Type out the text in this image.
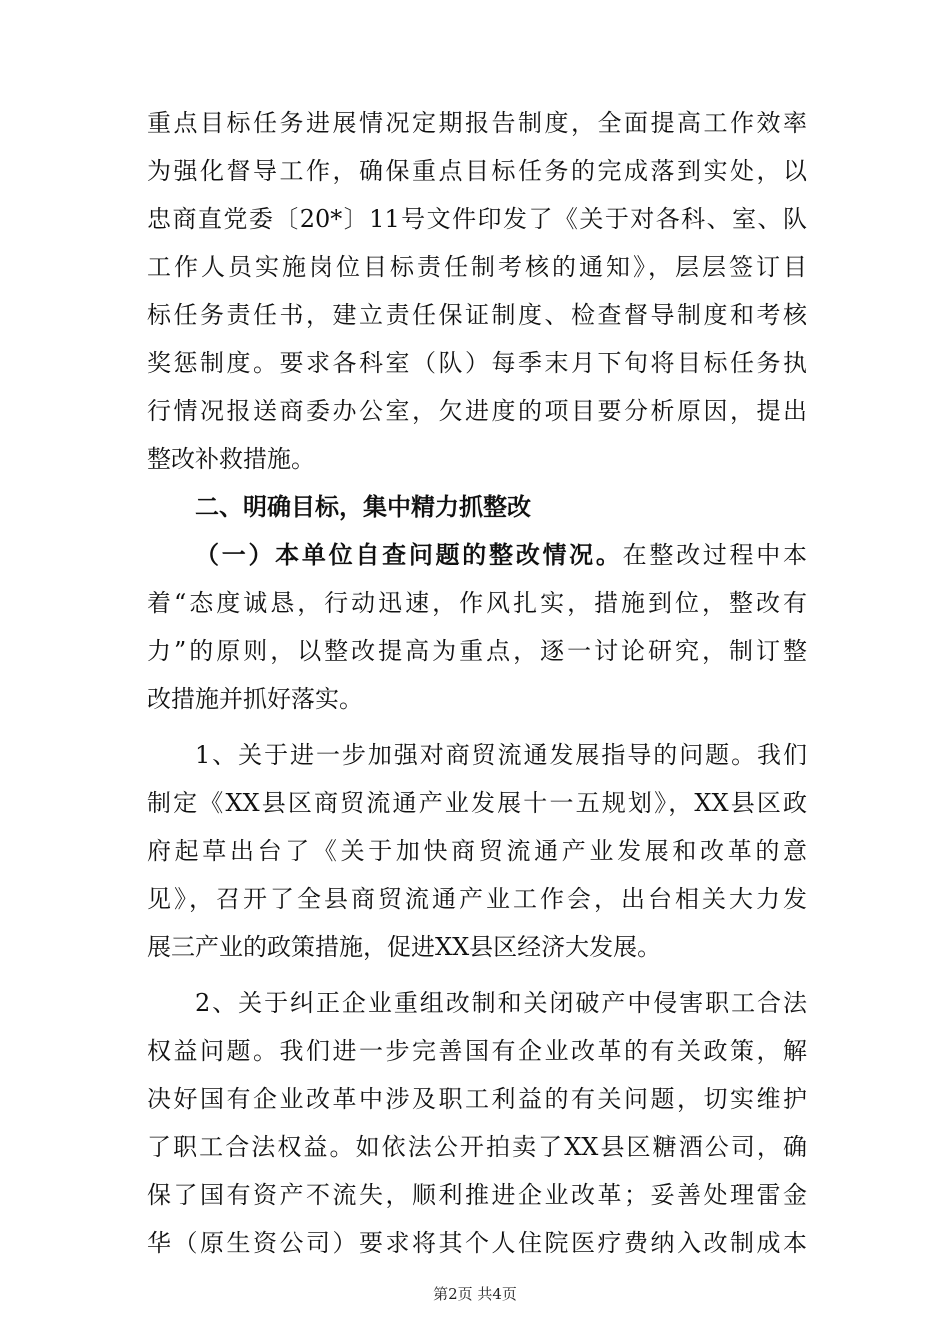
重点目标任务进展情况定期报告制度，全面提高工作效率
为强化督导工作，确保重点目标任务的完成落到实处，以
忠商直党委〔20*〕11号文件印发了《关于对各科、室、队
工作人员实施岗位目标责任制考核的通知》，层层签订目
标任务责任书，建立责任保证制度、检查督导制度和考核
奖惩制度。要求各科室（队）每季末月下旬将目标任务执
行情况报送商委办公室，欠进度的项目要分析原因，提出
整改补救措施。
二、明确目标，集中精力抓整改
（一）本单位自查问题的整改情况。在整改过程中本
着“态度诚恳，行动迅速，作风扎实，措施到位，整改有
力”的原则，以整改提高为重点，逐一讨论研究，制订整
改措施并抓好落实。
1、关于进一步加强对商贸流通发展指导的问题。我们
制定《XX县区商贸流通产业发展十一五规划》，XX县区政
府起草出台了《关于加快商贸流通产业发展和改革的意
见》，召开了全县商贸流通产业工作会，出台相关大力发
展三产业的政策措施，促进XX县区经济大发展。
2、关于纠正企业重组改制和关闭破产中侵害职工合法
权益问题。我们进一步完善国有企业改革的有关政策，解
决好国有企业改革中涉及职工利益的有关问题，切实维护
了职工合法权益。如依法公开拍卖了XX县区糖酒公司，确
保了国有资产不流失，顺利推进企业改革；妥善处理雷金
华（原生资公司）要求将其个人住院医疗费纳入改制成本
第2页 共4页
